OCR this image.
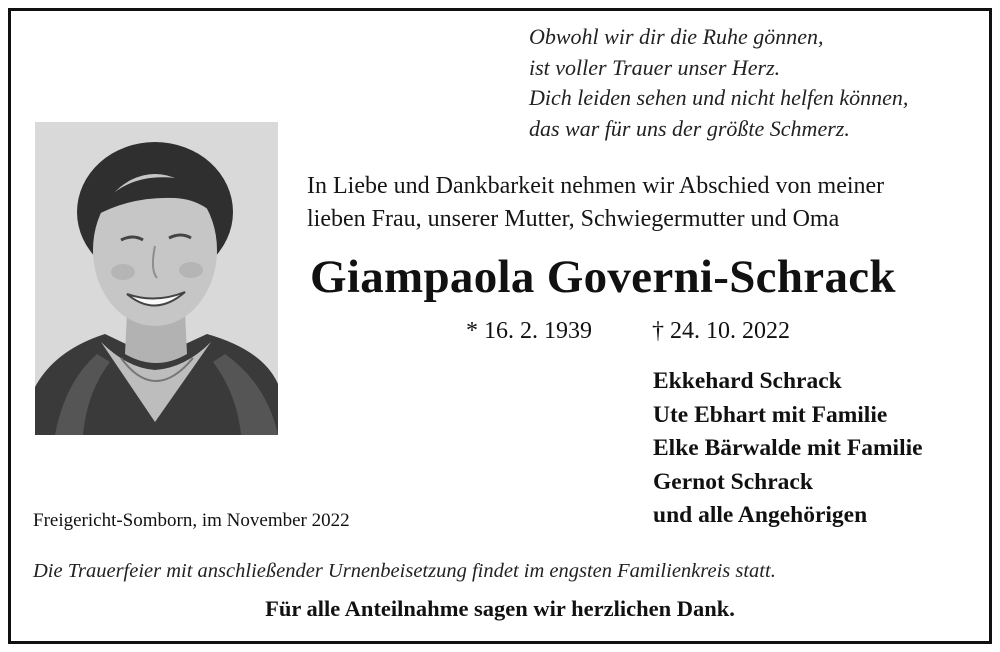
Obwohl wir dir die Ruhe gönnen,
ist voller Trauer unser Herz.
Dich leiden sehen und nicht helfen können,
das war für uns der größte Schmerz.
In Liebe und Dankbarkeit nehmen wir Abschied von meiner
lieben Frau, unserer Mutter, Schwiegermutter und Oma
Giampaola Governi-Schrack
* 16. 2. 1939	† 24. 10. 2022
Ekkehard Schrack
Ute Ebhart mit Familie
Elke Bärwalde mit Familie
Gernot Schrack
und alle Angehörigen
Freigericht-Somborn, im November 2022
Die Trauerfeier mit anschließender Urnenbeisetzung findet im engsten Familienkreis statt.
Für alle Anteilnahme sagen wir herzlichen Dank.
